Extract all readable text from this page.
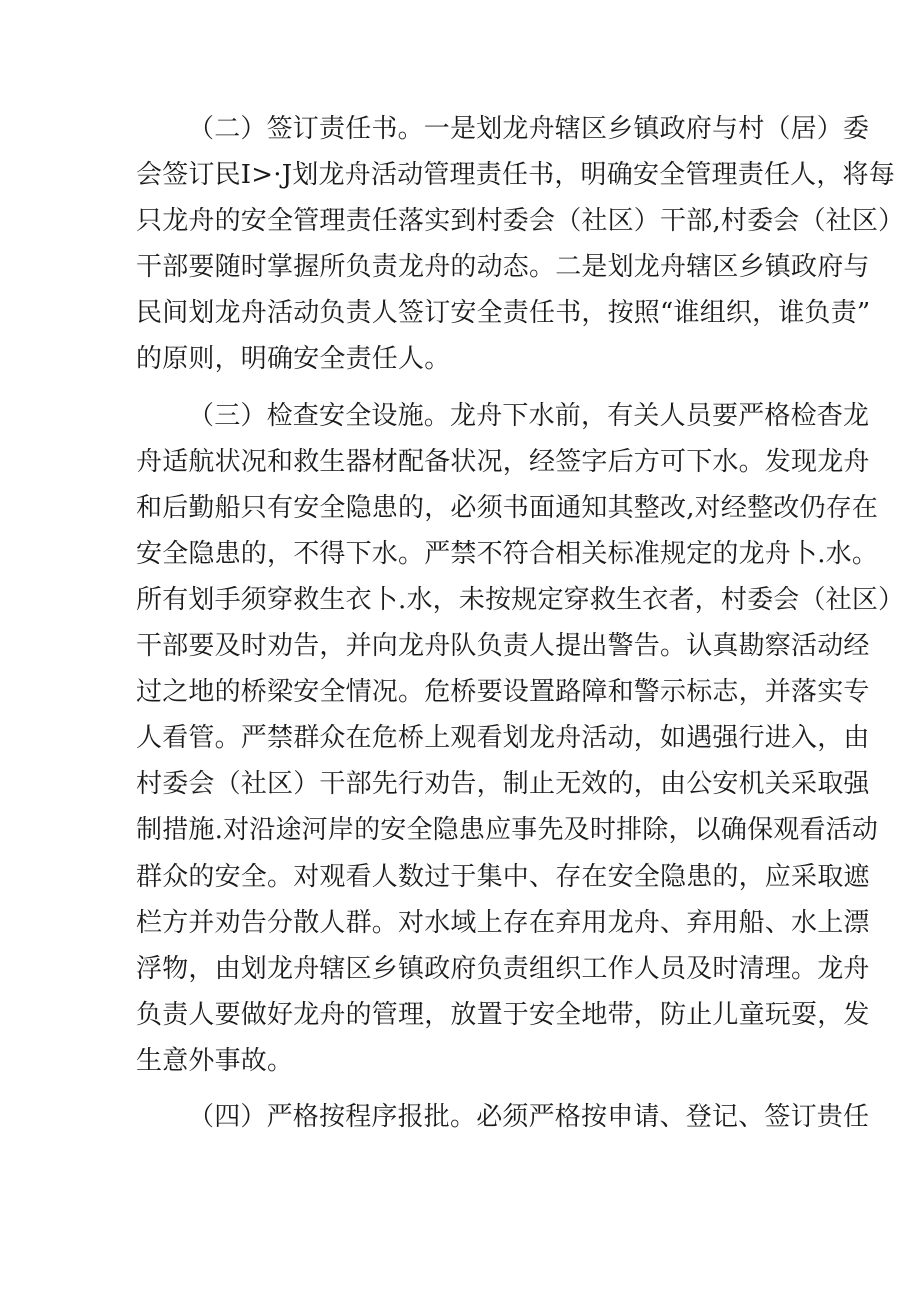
（二）签订责任书。一是划龙舟辖区乡镇政府与村（居）委
会签订民I>·J划龙舟活动管理责任书，明确安全管理责任人，将每
只龙舟的安全管理责任落实到村委会（社区）干部,村委会（社区）
干部要随时掌握所负责龙舟的动态。二是划龙舟辖区乡镇政府与
民间划龙舟活动负责人签订安全责任书，按照“谁组织，谁负责”
的原则，明确安全责任人。
（三）检查安全设施。龙舟下水前，有关人员要严格检杳龙
舟适航状况和救生器材配备状况，经签字后方可下水。发现龙舟
和后勤船只有安全隐患的，必须书面通知其整改,对经整改仍存在
安全隐患的，不得下水。严禁不符合相关标准规定的龙舟卜.水。
所有划手须穿救生衣卜.水，未按规定穿救生衣者，村委会（社区）
干部要及时劝告，并向龙舟队负责人提出警告。认真勘察活动经
过之地的桥梁安全情况。危桥要设置路障和警示标志，并落实专
人看管。严禁群众在危桥上观看划龙舟活动，如遇强行进入，由
村委会（社区）干部先行劝告，制止无效的，由公安机关采取强
制措施.对沿途河岸的安全隐患应事先及时排除，以确保观看活动
群众的安全。对观看人数过于集中、存在安全隐患的，应采取遮
栏方并劝告分散人群。对水域上存在弃用龙舟、弃用船、水上漂
浮物，由划龙舟辖区乡镇政府负责组织工作人员及时清理。龙舟
负责人要做好龙舟的管理，放置于安全地带，防止儿童玩耍，发
生意外事故。
（四）严格按程序报批。必须严格按申请、登记、签订贵任
